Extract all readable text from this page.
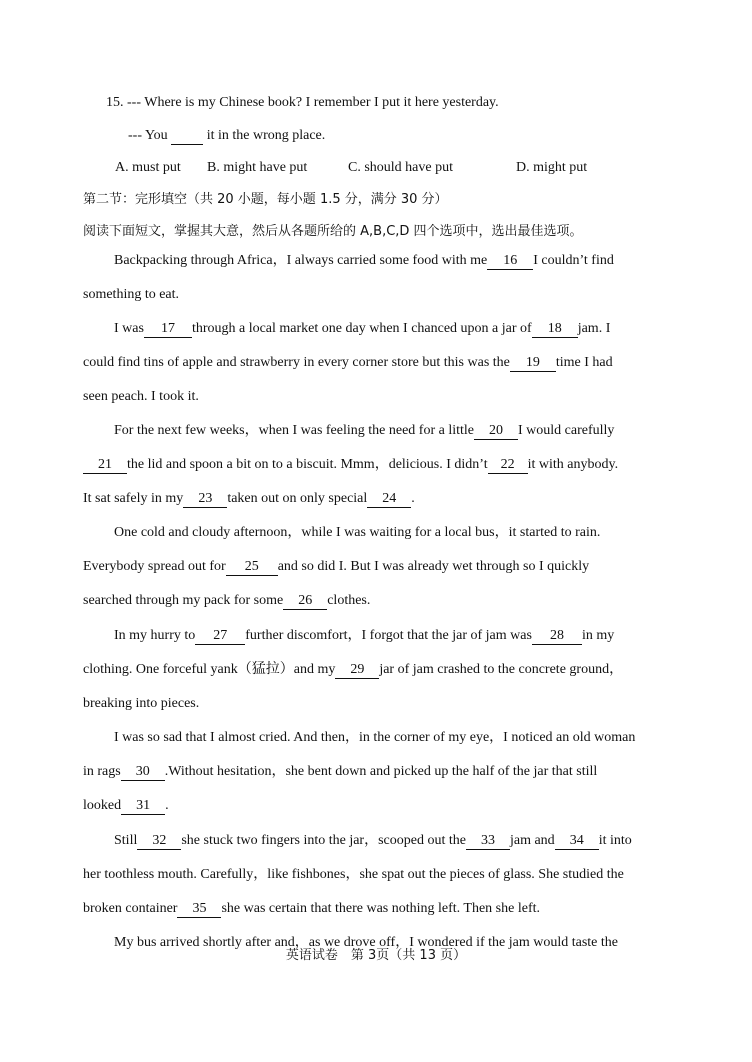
15. --- Where is my Chinese book? I remember I put it here yesterday.
--- You	it in the wrong place.
A. must put B. might have put	C. should have put	D. might put
第二节：完形填空（共 20 小题，每小题 1.5 分，满分 30 分）
阅读下面短文，掌握其大意，然后从各题所给的 A,B,C,D 四个选项中，选出最佳选项。
Backpacking through Africa，I always carried some food with me 16 I couldn’t find
something to eat.
I was 17 through a local market one day when I chanced upon a jar of 18 jam. I
could find tins of apple and strawberry in every corner store but this was the 19 time I had
seen peach. I took it.
For the next few weeks，when I was feeling the need for a little 20 I would carefully
21 the lid and spoon a bit on to a biscuit. Mmm，delicious. I didn’t 22 it with anybody.
It sat safely in my 23 taken out on only special 24 .
One cold and cloudy afternoon，while I was waiting for a local bus，it started to rain.
Everybody spread out for 25 and so did I. But I was already wet through so I quickly
searched through my pack for some 26 clothes.
In my hurry to 27 further discomfort，I forgot that the jar of jam was 28 in my
clothing. One forceful yank（猛拉）and my 29 jar of jam crashed to the concrete ground，
breaking into pieces.
I was so sad that I almost cried. And then，in the corner of my eye，I noticed an old woman
in rags 30 .Without hesitation，she bent down and picked up the half of the jar that still
looked 31 .
Still 32 she stuck two fingers into the jar，scooped out the 33 jam and 34 it into
her toothless mouth. Carefully，like fishbones，she spat out the pieces of glass. She studied the
broken container 35 she was certain that there was nothing left. Then she left.
My bus arrived shortly after and，as we drove off，I wondered if the jam would taste the
英语试卷　第 3页（共 13 页）
